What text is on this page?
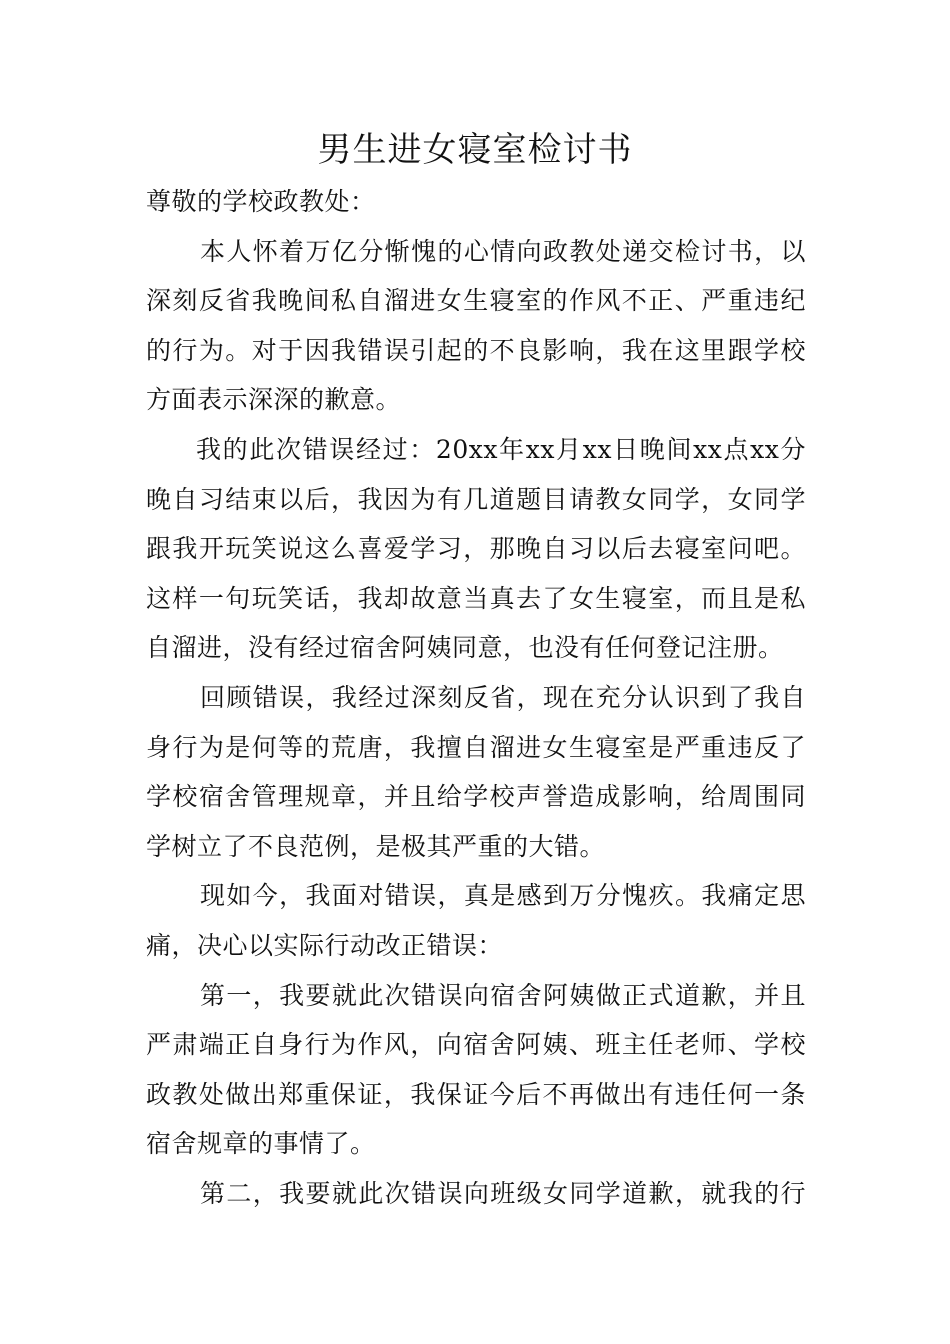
男生进女寝室检讨书
尊敬的学校政教处：
本人怀着万亿分惭愧的心情向政教处递交检讨书，以
深刻反省我晚间私自溜进女生寝室的作风不正、严重违纪
的行为。对于因我错误引起的不良影响，我在这里跟学校
方面表示深深的歉意。
我的此次错误经过：20xx年xx月xx日晚间xx点xx分
晚自习结束以后，我因为有几道题目请教女同学，女同学
跟我开玩笑说这么喜爱学习，那晚自习以后去寝室问吧。
这样一句玩笑话，我却故意当真去了女生寝室，而且是私
自溜进，没有经过宿舍阿姨同意，也没有任何登记注册。
回顾错误，我经过深刻反省，现在充分认识到了我自
身行为是何等的荒唐，我擅自溜进女生寝室是严重违反了
学校宿舍管理规章，并且给学校声誉造成影响，给周围同
学树立了不良范例，是极其严重的大错。
现如今，我面对错误，真是感到万分愧疚。我痛定思
痛，决心以实际行动改正错误：
第一，我要就此次错误向宿舍阿姨做正式道歉，并且
严肃端正自身行为作风，向宿舍阿姨、班主任老师、学校
政教处做出郑重保证，我保证今后不再做出有违任何一条
宿舍规章的事情了。
第二，我要就此次错误向班级女同学道歉，就我的行
